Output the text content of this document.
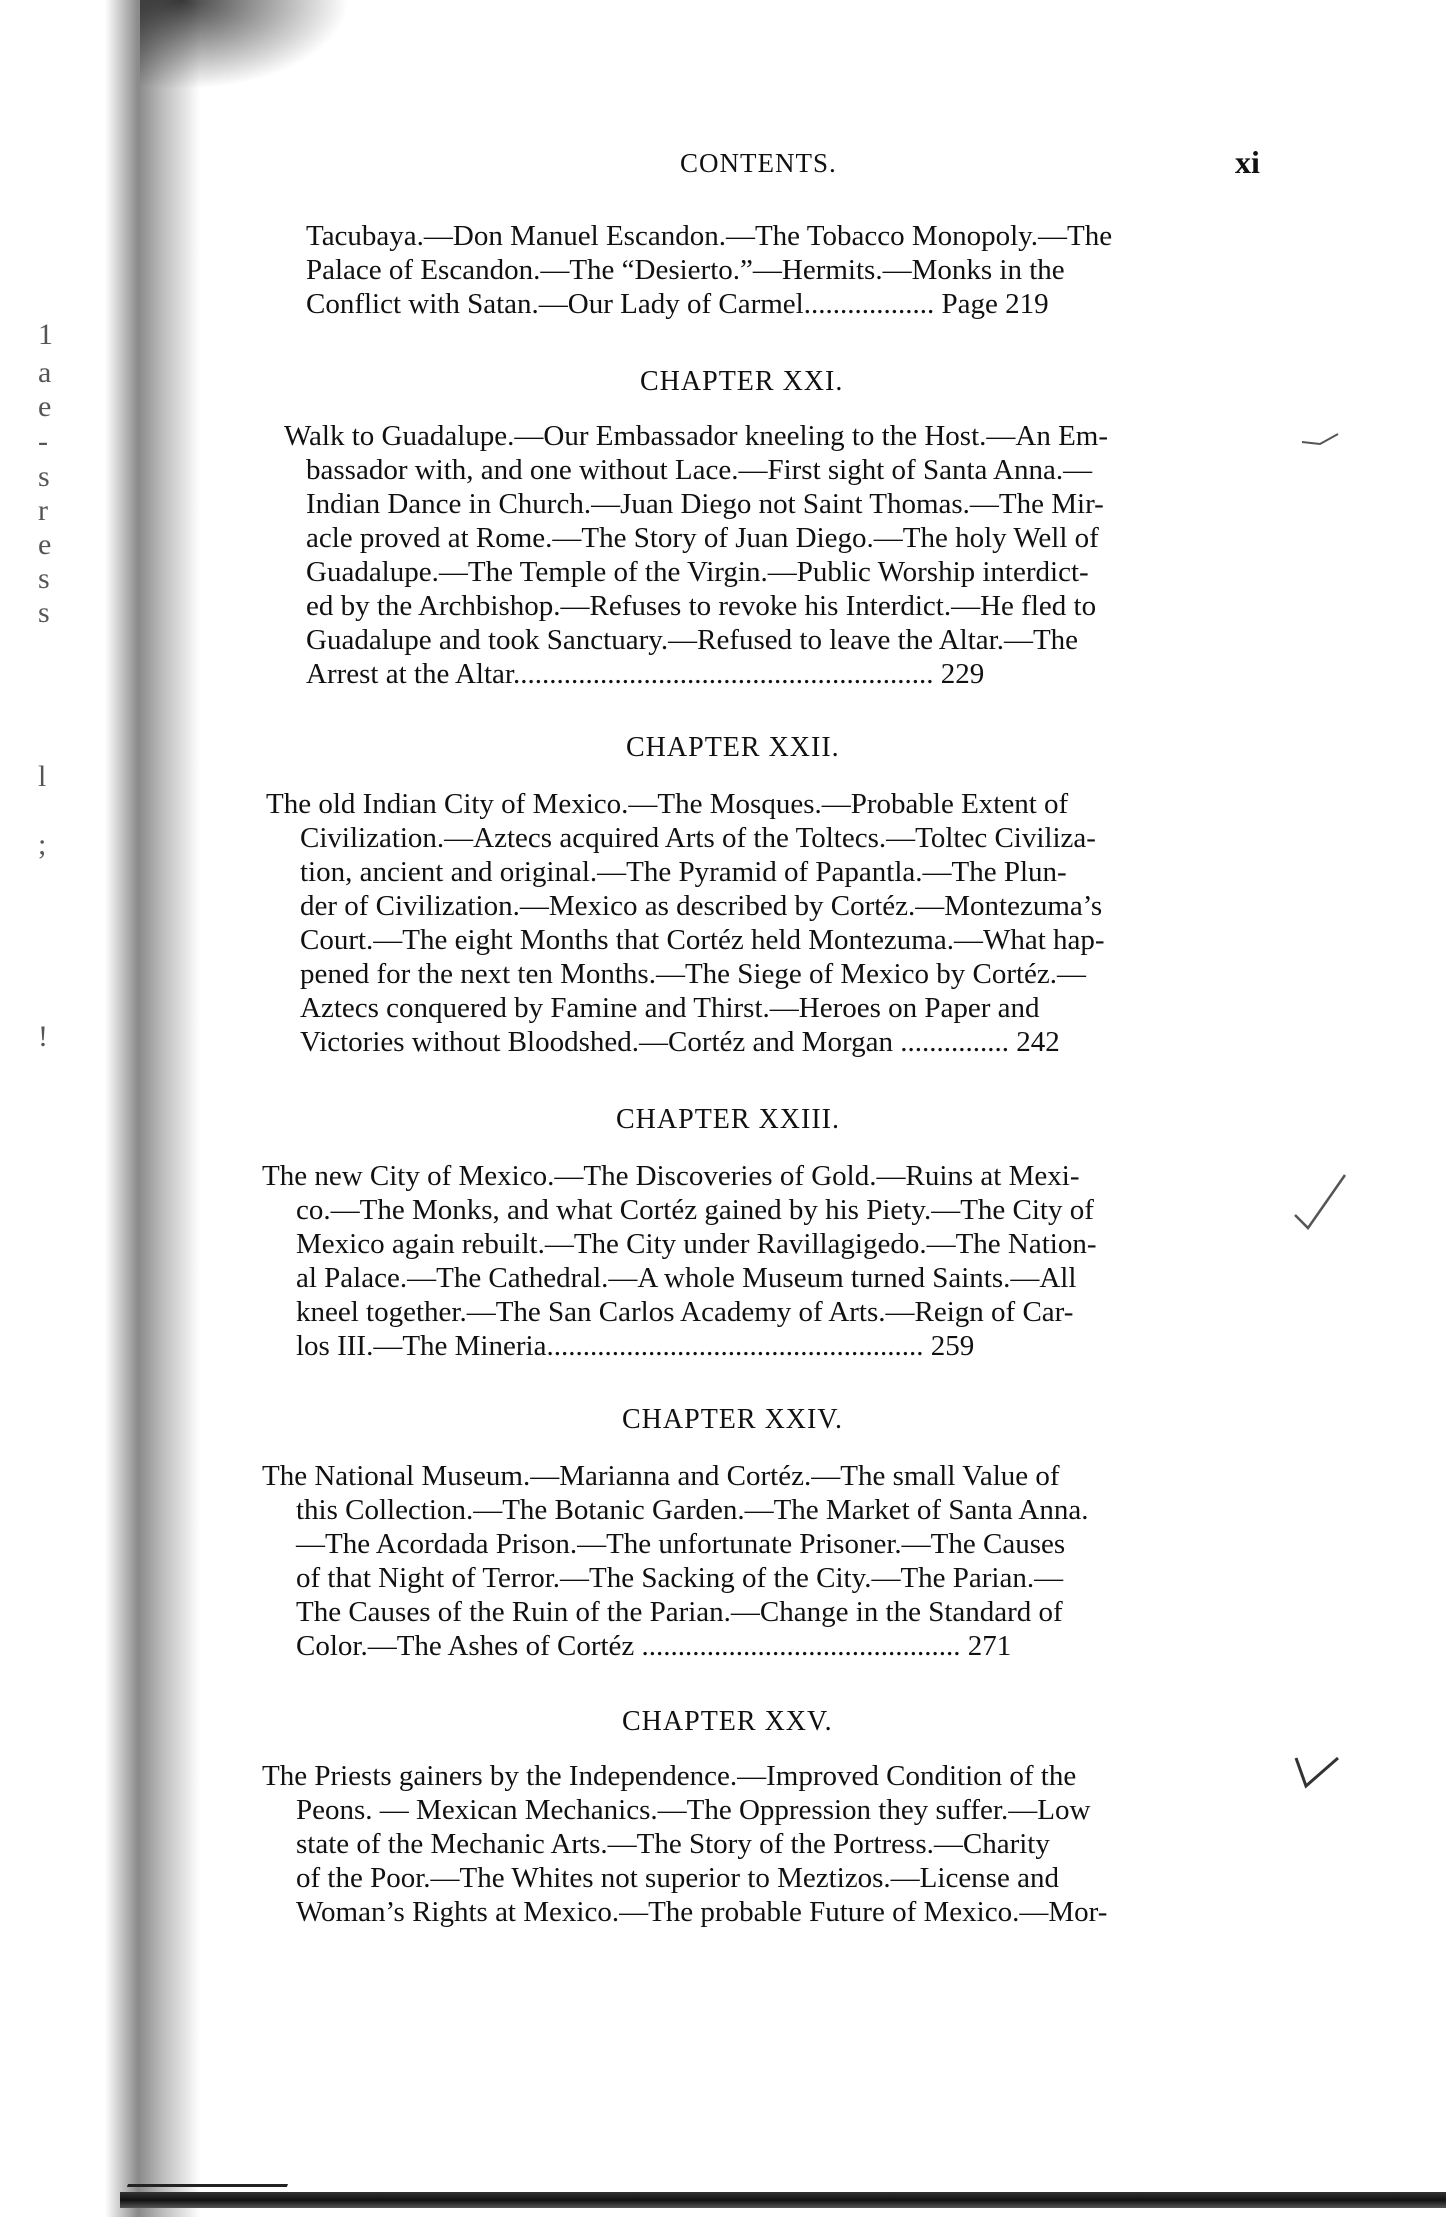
1
a
e
-
s
r
e
s
s
l
;
!
CONTENTS.	xi
Tacubaya.—Don Manuel Escandon.—The Tobacco Monopoly.—The
Palace of Escandon.—The “Desierto.”—Hermits.—Monks in the
Conflict with Satan.—Our Lady of Carmel.................. Page 219
CHAPTER XXI.
Walk to Guadalupe.—Our Embassador kneeling to the Host.—An Em-
bassador with, and one without Lace.—First sight of Santa Anna.—
Indian Dance in Church.—Juan Diego not Saint Thomas.—The Mir-
acle proved at Rome.—The Story of Juan Diego.—The holy Well of
Guadalupe.—The Temple of the Virgin.—Public Worship interdict-
ed by the Archbishop.—Refuses to revoke his Interdict.—He fled to
Guadalupe and took Sanctuary.—Refused to leave the Altar.—The
Arrest at the Altar.......................................................... 229
CHAPTER XXII.
The old Indian City of Mexico.—The Mosques.—Probable Extent of
Civilization.—Aztecs acquired Arts of the Toltecs.—Toltec Civiliza-
tion, ancient and original.—The Pyramid of Papantla.—The Plun-
der of Civilization.—Mexico as described by Cortéz.—Montezuma’s
Court.—The eight Months that Cortéz held Montezuma.—What hap-
pened for the next ten Months.—The Siege of Mexico by Cortéz.—
Aztecs conquered by Famine and Thirst.—Heroes on Paper and
Victories without Bloodshed.—Cortéz and Morgan ............... 242
CHAPTER XXIII.
The new City of Mexico.—The Discoveries of Gold.—Ruins at Mexi-
co.—The Monks, and what Cortéz gained by his Piety.—The City of
Mexico again rebuilt.—The City under Ravillagigedo.—The Nation-
al Palace.—The Cathedral.—A whole Museum turned Saints.—All
kneel together.—The San Carlos Academy of Arts.—Reign of Car-
los III.—The Mineria.................................................... 259
CHAPTER XXIV.
The National Museum.—Marianna and Cortéz.—The small Value of
this Collection.—The Botanic Garden.—The Market of Santa Anna.
—The Acordada Prison.—The unfortunate Prisoner.—The Causes
of that Night of Terror.—The Sacking of the City.—The Parian.—
The Causes of the Ruin of the Parian.—Change in the Standard of
Color.—The Ashes of Cortéz ............................................ 271
CHAPTER XXV.
The Priests gainers by the Independence.—Improved Condition of the
Peons. — Mexican Mechanics.—The Oppression they suffer.—Low
state of the Mechanic Arts.—The Story of the Portress.—Charity
of the Poor.—The Whites not superior to Meztizos.—License and
Woman’s Rights at Mexico.—The probable Future of Mexico.—Mor-
